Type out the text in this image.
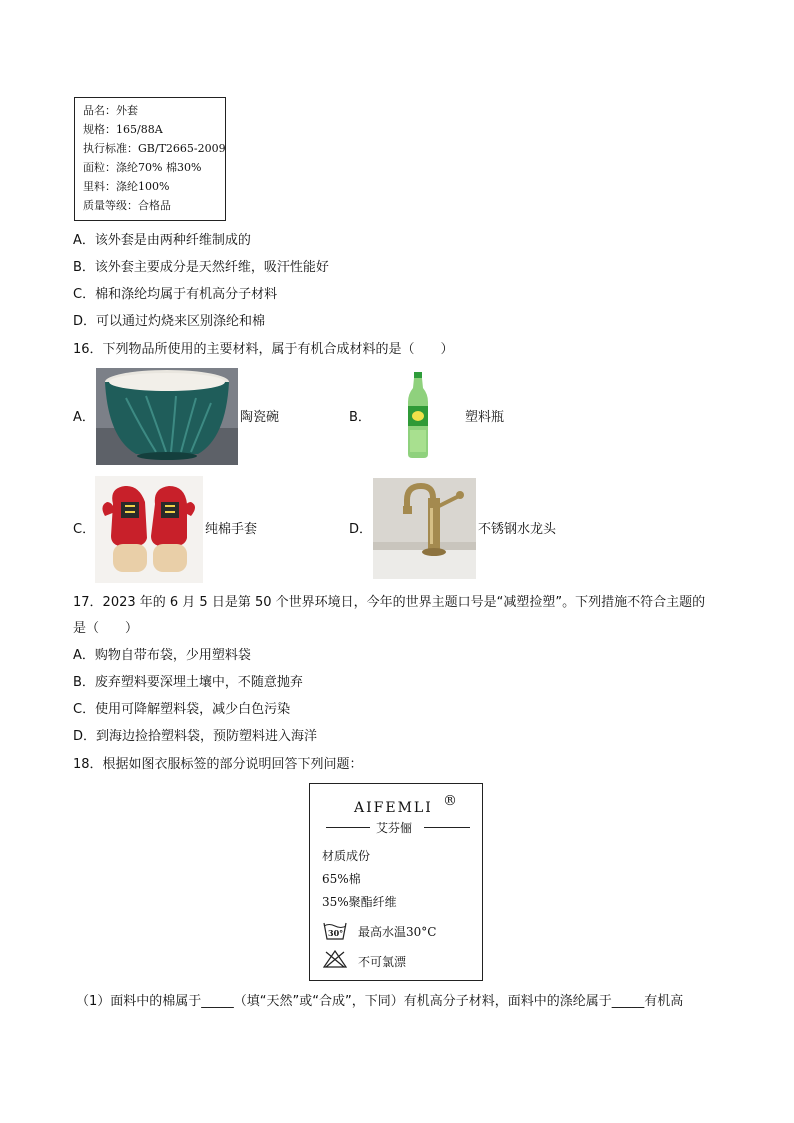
品名：外套
规格：165/88A
执行标准：GB/T2665-2009
面粒：涤纶70% 棉30%
里料：涤纶100%
质量等级：合格品
A．该外套是由两种纤维制成的
B．该外套主要成分是天然纤维，吸汗性能好
C．棉和涤纶均属于有机高分子材料
D．可以通过灼烧来区别涤纶和棉
16．下列物品所使用的主要材料，属于有机合成材料的是（　　）
A．	陶瓷碗	B．	塑料瓶
C．	纯棉手套	D．	不锈钢水龙头
17．2023 年的 6 月 5 日是第 50 个世界环境日，今年的世界主题口号是“减塑捡塑”。下列措施不符合主题的
是（　　）
A．购物自带布袋，少用塑料袋
B．废弃塑料要深埋土壤中，不随意抛弃
C．使用可降解塑料袋，减少白色污染
D．到海边捡拾塑料袋，预防塑料进入海洋
18．根据如图衣服标签的部分说明回答下列问题：
AIFEMLI ®
艾芬俪
材质成份
65%棉
35%聚酯纤维
30° 最高水温30°C
不可氯漂
（1）面料中的棉属于_____（填“天然”或“合成”，下同）有机高分子材料，面料中的涤纶属于_____有机高
